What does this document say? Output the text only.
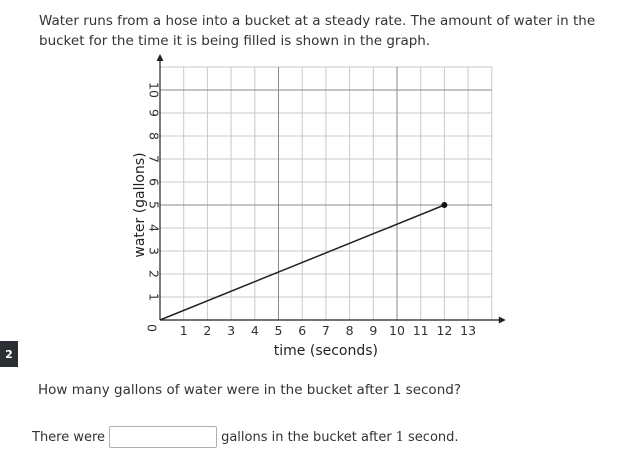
Water runs from a hose into a bucket at a steady rate. The amount of water in the bucket for the time it is being filled is shown in the graph.
2
1 2 3 4 5 6 7 8 9 10 11 12 13
1
2
3
4
5
6
7
8
9
10
0
time (seconds)
water (gallons)
How many gallons of water were in the bucket after 1 second?
There were	gallons in the bucket after 1 second.
